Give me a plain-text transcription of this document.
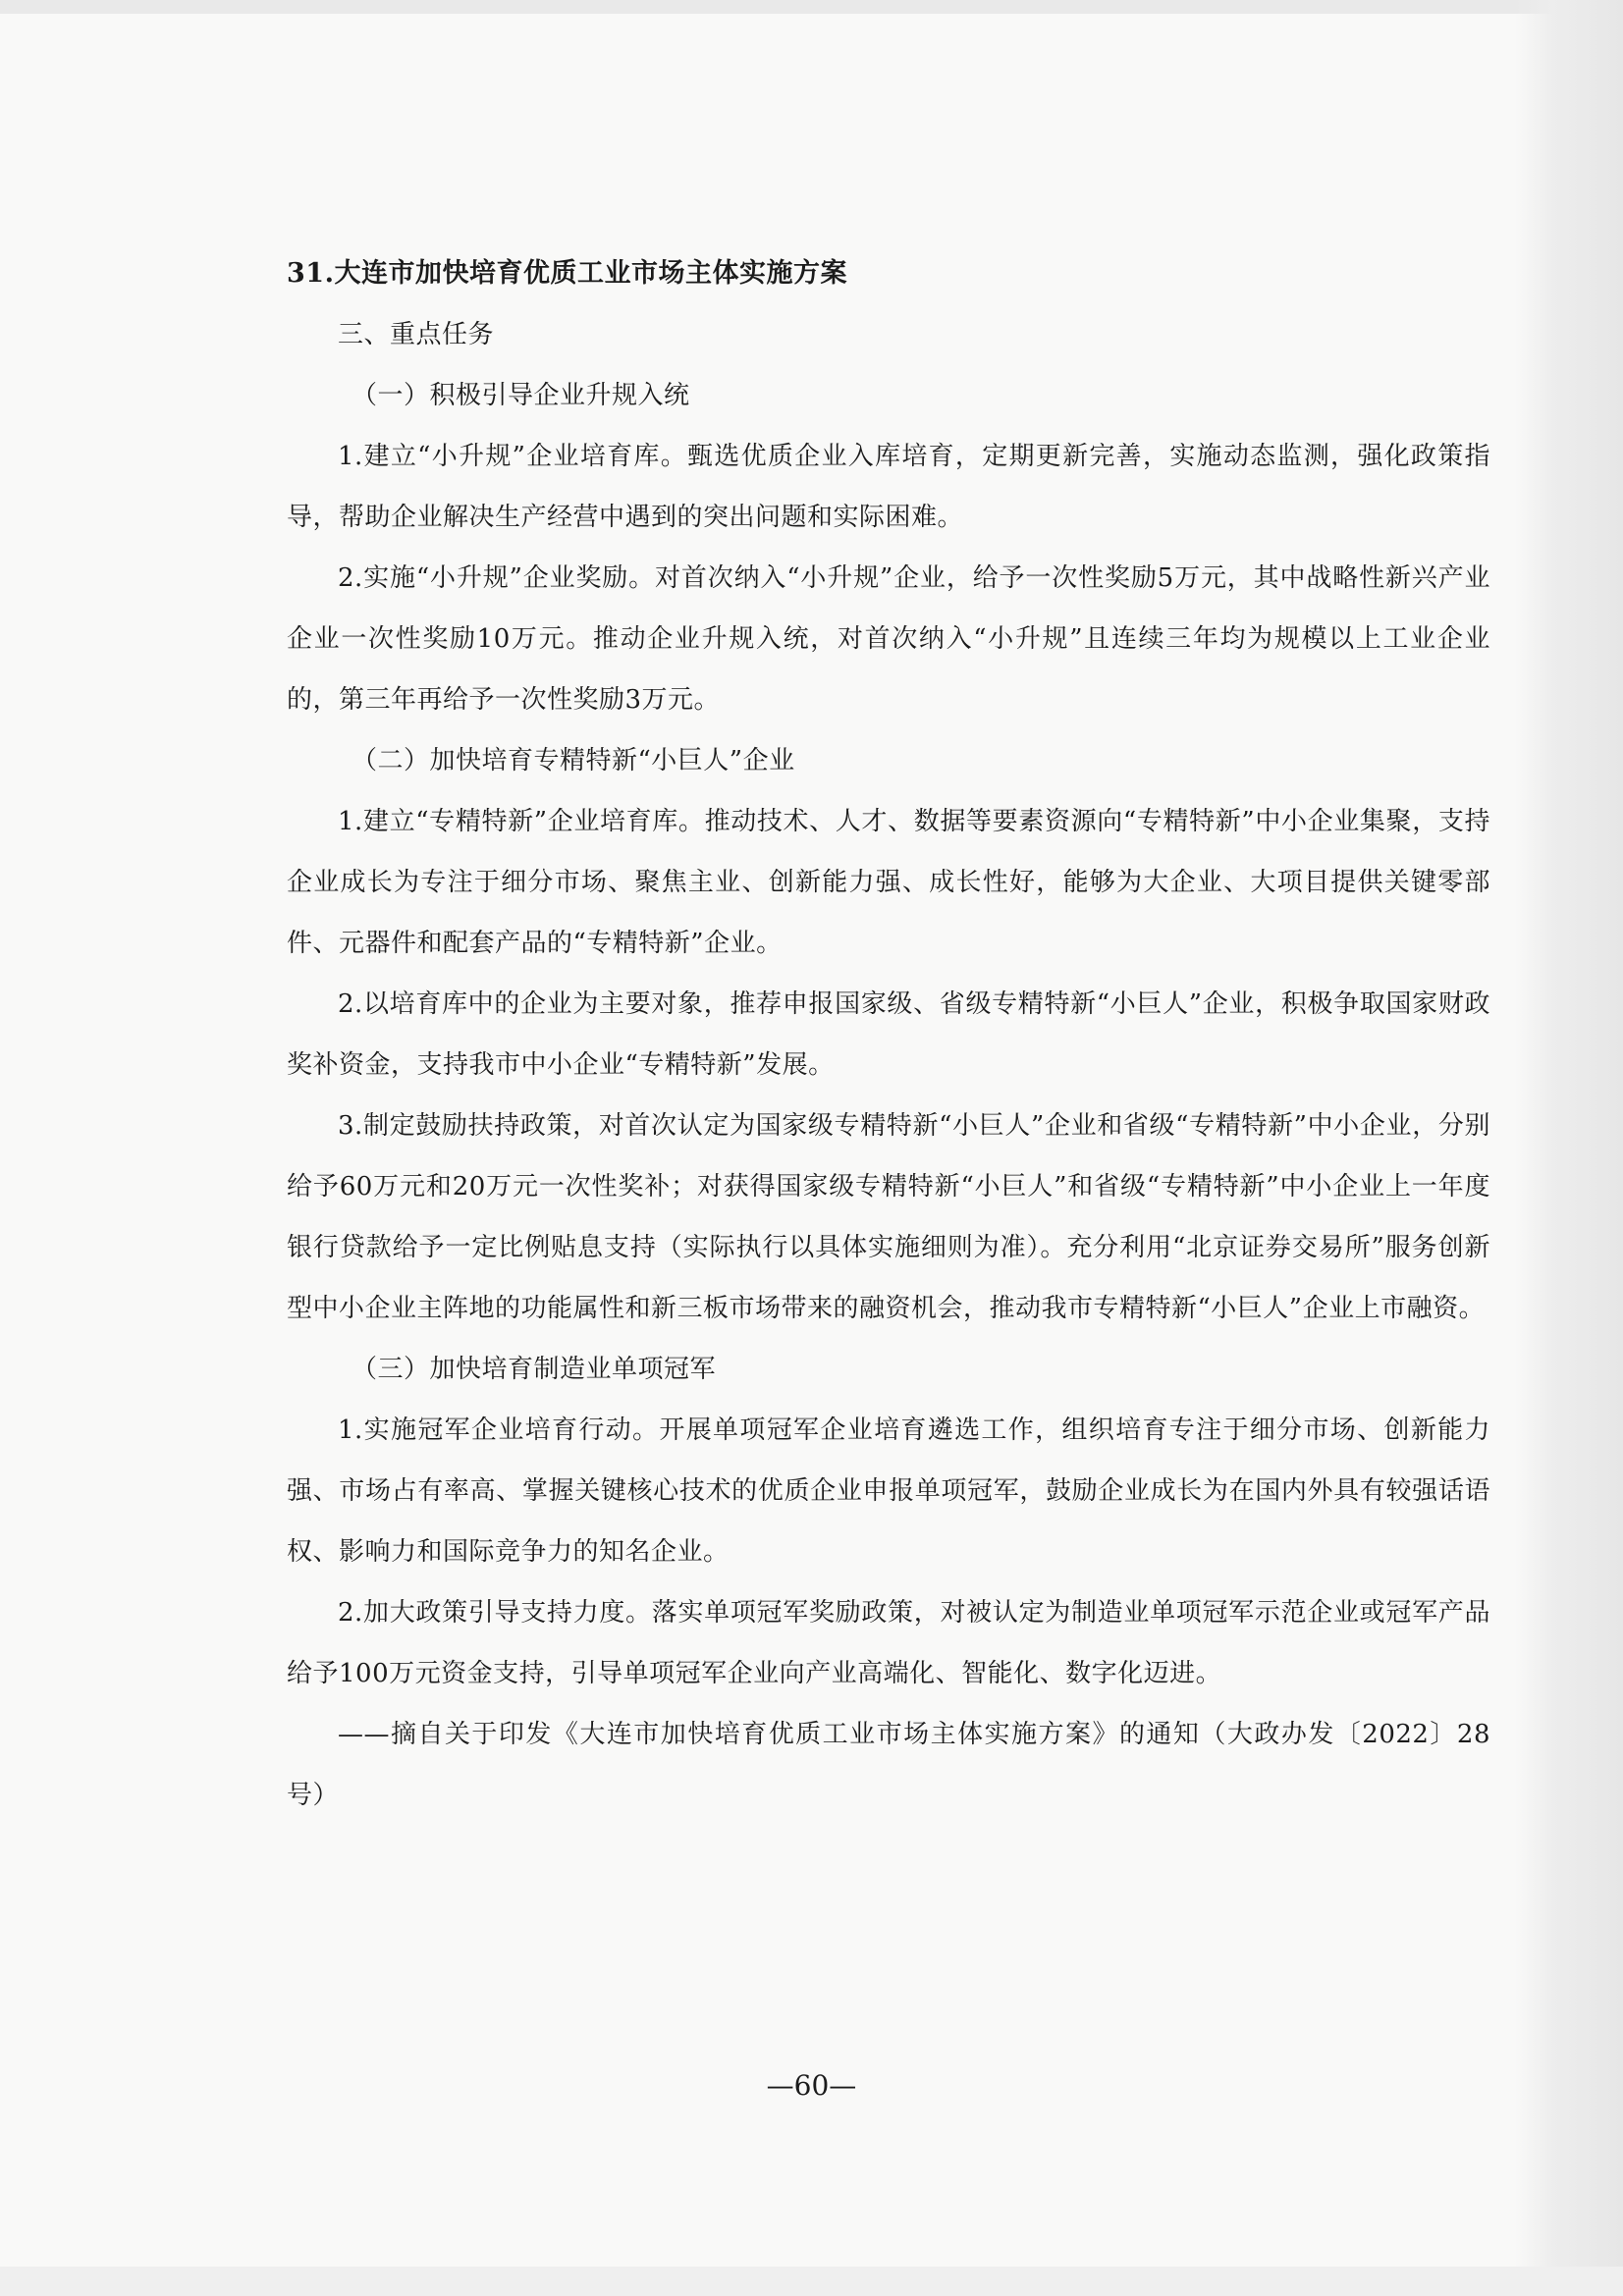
31.大连市加快培育优质工业市场主体实施方案

三、重点任务

（一）积极引导企业升规入统

1.建立“小升规”企业培育库。甄选优质企业入库培育，定期更新完善，实施动态监测，强化政策指导，帮助企业解决生产经营中遇到的突出问题和实际困难。

2.实施“小升规”企业奖励。对首次纳入“小升规”企业，给予一次性奖励5万元，其中战略性新兴产业企业一次性奖励10万元。推动企业升规入统，对首次纳入“小升规”且连续三年均为规模以上工业企业的，第三年再给予一次性奖励3万元。

（二）加快培育专精特新“小巨人”企业

1.建立“专精特新”企业培育库。推动技术、人才、数据等要素资源向“专精特新”中小企业集聚，支持企业成长为专注于细分市场、聚焦主业、创新能力强、成长性好，能够为大企业、大项目提供关键零部件、元器件和配套产品的“专精特新”企业。

2.以培育库中的企业为主要对象，推荐申报国家级、省级专精特新“小巨人”企业，积极争取国家财政奖补资金，支持我市中小企业“专精特新”发展。

3.制定鼓励扶持政策，对首次认定为国家级专精特新“小巨人”企业和省级“专精特新”中小企业，分别给予60万元和20万元一次性奖补；对获得国家级专精特新“小巨人”和省级“专精特新”中小企业上一年度银行贷款给予一定比例贴息支持（实际执行以具体实施细则为准）。充分利用“北京证券交易所”服务创新型中小企业主阵地的功能属性和新三板市场带来的融资机会，推动我市专精特新“小巨人”企业上市融资。

（三）加快培育制造业单项冠军

1.实施冠军企业培育行动。开展单项冠军企业培育遴选工作，组织培育专注于细分市场、创新能力强、市场占有率高、掌握关键核心技术的优质企业申报单项冠军，鼓励企业成长为在国内外具有较强话语权、影响力和国际竞争力的知名企业。

2.加大政策引导支持力度。落实单项冠军奖励政策，对被认定为制造业单项冠军示范企业或冠军产品给予100万元资金支持，引导单项冠军企业向产业高端化、智能化、数字化迈进。

——摘自关于印发《大连市加快培育优质工业市场主体实施方案》的通知（大政办发〔2022〕28号）

—60—
